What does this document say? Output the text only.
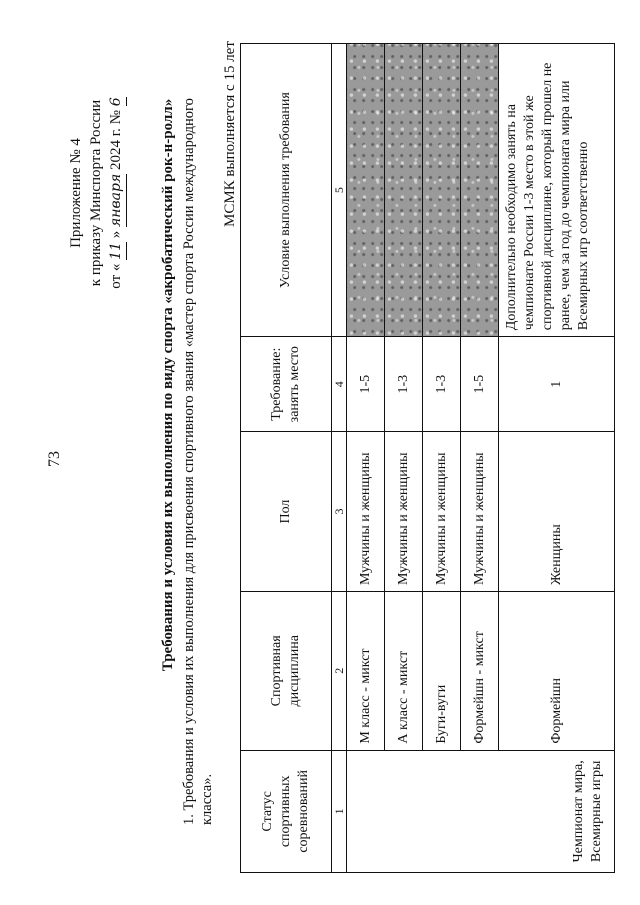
73
Приложение № 4 к приказу Минспорта России от « 11 » января 2024 г. № 6 Требования и условия их выполнения по виду спорта «акробатический рок-н-ролл» 1. Требования и условия их выполнения для присвоения спортивного звания «мастер спорта России международного класса».
МСМК выполняется с 15 лет
Статус спортивных соревнований	Спортивная дисциплина	Пол	Требование: занять место	Условие выполнения требования
1	2	3	4	5
Чемпионат мира, Всемирные игры	М класс - микст	Мужчины и женщины	1-5	
	А класс - микст	Мужчины и женщины	1-3	
	Буги-вуги	Мужчины и женщины	1-3	
	Формейшн - микст	Мужчины и женщины	1-5	
	Формейшн	Женщины	1	Дополнительно необходимо занять на чемпионате России 1-3 место в этой же спортивной дисциплине, который прошел не ранее, чем за год до чемпионата мира или Всемирных игр соответственно
